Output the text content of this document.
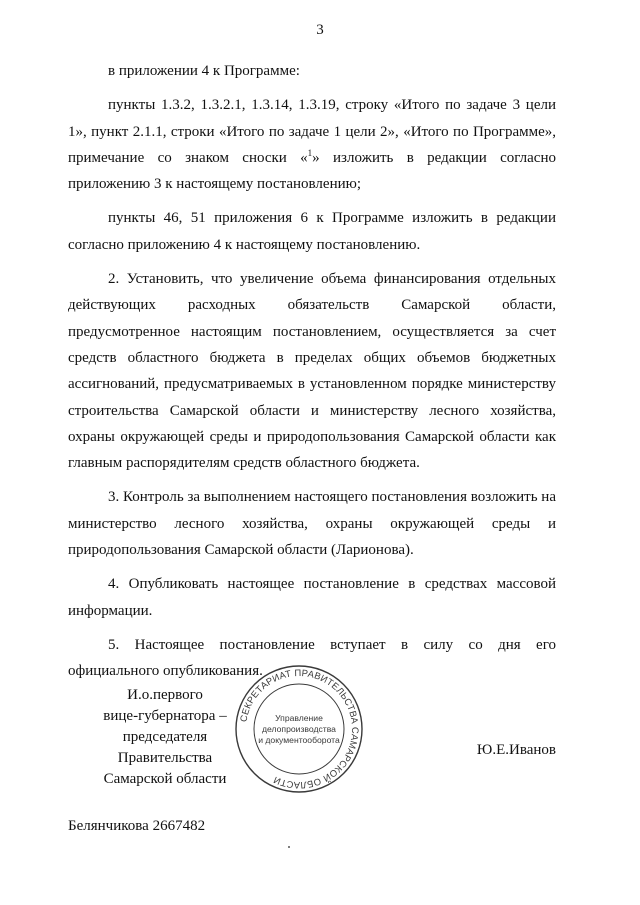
3

в приложении 4 к Программе:

пункты 1.3.2, 1.3.2.1, 1.3.14, 1.3.19, строку «Итого по задаче 3 цели 1», пункт 2.1.1, строки «Итого по задаче 1 цели 2», «Итого по Программе», примечание со знаком сноски «$^1$» изложить в редакции согласно приложению 3 к настоящему постановлению;

пункты 46, 51 приложения 6 к Программе изложить в редакции согласно приложению 4 к настоящему постановлению.

2. Установить, что увеличение объема финансирования отдельных

действующих расходных обязательств Самарской области,

предусмотренное настоящим постановлением, осуществляется за счет средств областного бюджета в пределах общих объемов бюджетных ассигнований, предусматриваемых в установленном порядке министерству строительства Самарской области и министерству лесного хозяйства, охраны окружающей среды и природопользования Самарской области как главным распорядителям средств областного бюджета.

3. Контроль за выполнением настоящего постановления возложить на министерство лесного хозяйства, охраны окружающей среды и природопользования Самарской области (Ларионова).

4. Опубликовать настоящее постановление в средствах массовой информации.

5. Настоящее постановление вступает в силу со дня его официального опубликования.

И.о.первого
вице-губернатора –
председателя Правительства
Самарской области
СЕКРЕТАРИАТ ПРАВИТЕЛЬСТВА САМАРСКОЙ ОБЛАСТИ
Управление
делопроизводства
и документооборота
Ю.Е.Иванов
Белянчикова 2667482
